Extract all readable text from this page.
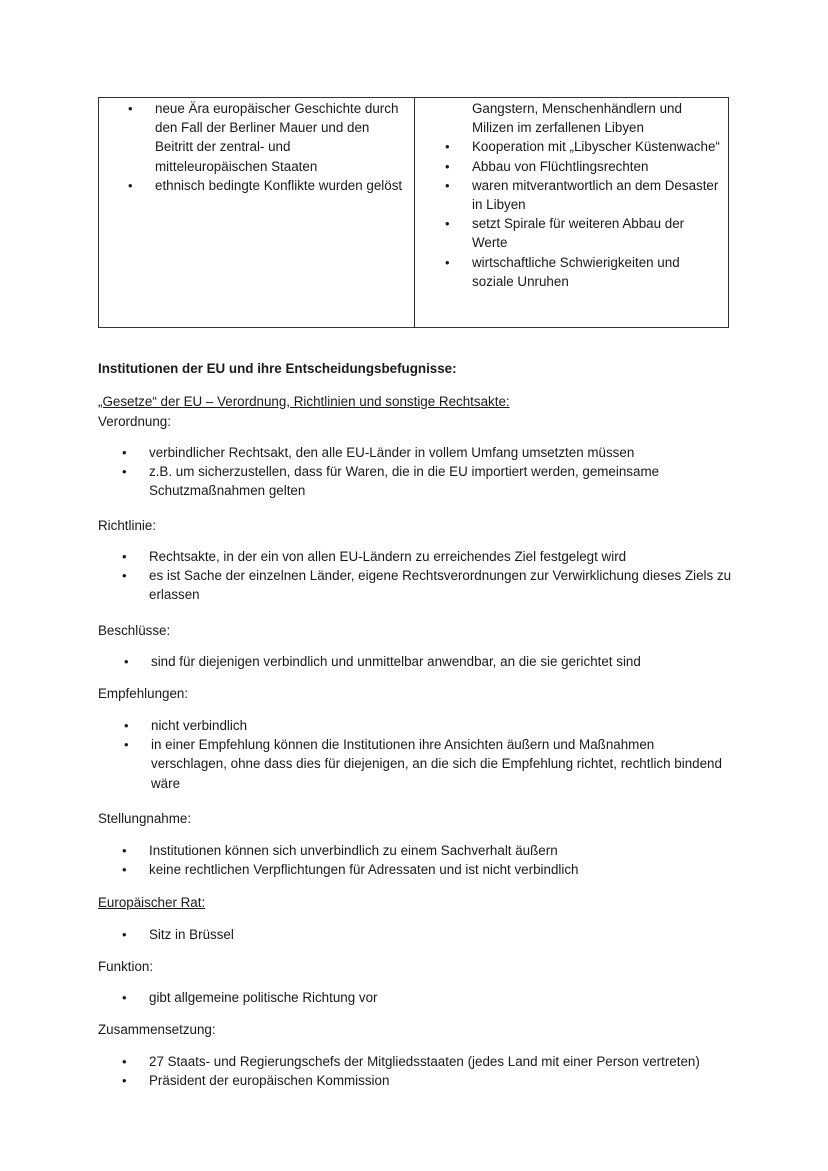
• neue Ära europäischer Geschichte durch den Fall der Berliner Mauer und den Beitritt der zentral- und mitteleuropäischen Staaten
• ethnisch bedingte Konflikte wurden gelöst
Gangstern, Menschenhändlern und Milizen im zerfallenen Libyen
• Kooperation mit „Libyscher Küstenwache“
• Abbau von Flüchtlingsrechten
• waren mitverantwortlich an dem Desaster in Libyen
• setzt Spirale für weiteren Abbau der Werte
• wirtschaftliche Schwierigkeiten und soziale Unruhen
Institutionen der EU und ihre Entscheidungsbefugnisse:
„Gesetze“ der EU – Verordnung, Richtlinien und sonstige Rechtsakte:
Verordnung:
• verbindlicher Rechtsakt, den alle EU-Länder in vollem Umfang umsetzten müssen
• z.B. um sicherzustellen, dass für Waren, die in die EU importiert werden, gemeinsame Schutzmaßnahmen gelten
Richtlinie:
• Rechtsakte, in der ein von allen EU-Ländern zu erreichendes Ziel festgelegt wird
• es ist Sache der einzelnen Länder, eigene Rechtsverordnungen zur Verwirklichung dieses Ziels zu erlassen
Beschlüsse:
• sind für diejenigen verbindlich und unmittelbar anwendbar, an die sie gerichtet sind
Empfehlungen:
• nicht verbindlich
• in einer Empfehlung können die Institutionen ihre Ansichten äußern und Maßnahmen verschlagen, ohne dass dies für diejenigen, an die sich die Empfehlung richtet, rechtlich bindend wäre
Stellungnahme:
• Institutionen können sich unverbindlich zu einem Sachverhalt äußern
• keine rechtlichen Verpflichtungen für Adressaten und ist nicht verbindlich
Europäischer Rat:
• Sitz in Brüssel
Funktion:
• gibt allgemeine politische Richtung vor
Zusammensetzung:
• 27 Staats- und Regierungschefs der Mitgliedsstaaten (jedes Land mit einer Person vertreten)
• Präsident der europäischen Kommission
